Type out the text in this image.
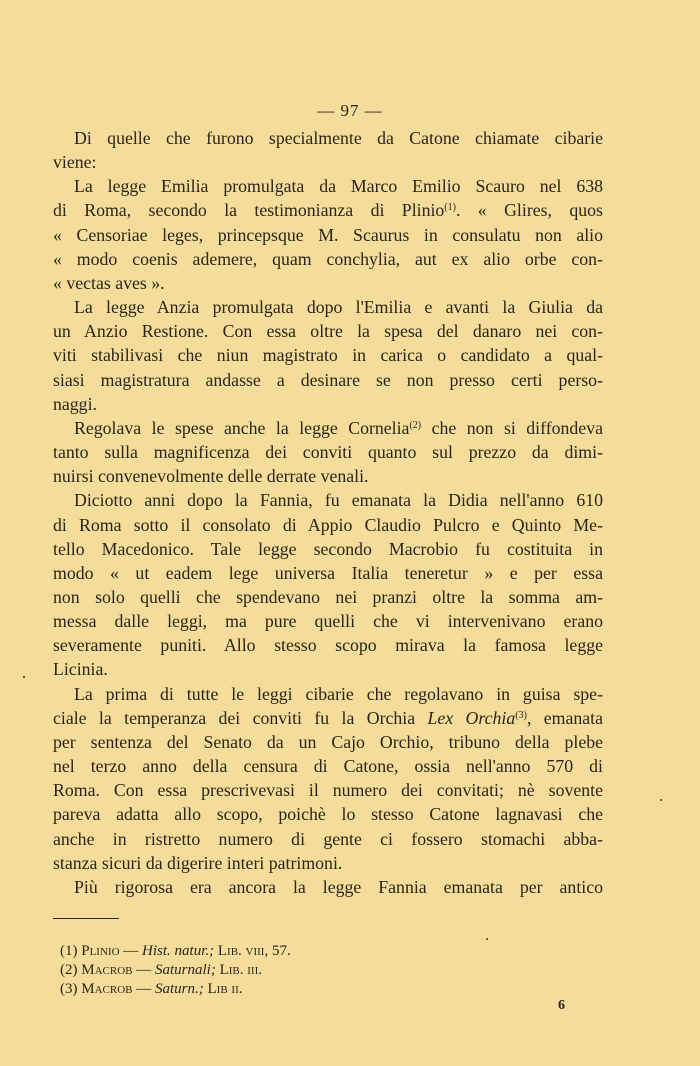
— 97 —
Di quelle che furono specialmente da Catone chiamate cibarie
viene:
La legge Emilia promulgata da Marco Emilio Scauro nel 638
di Roma, secondo la testimonianza di Plinio$^{(1)}$. « Glires, quos
« Censoriae leges, princepsque M. Scaurus in consulatu non alio
« modo coenis ademere, quam conchylia, aut ex alio orbe con-
« vectas aves ».
La legge Anzia promulgata dopo l'Emilia e avanti la Giulia da
un Anzio Restione. Con essa oltre la spesa del danaro nei con-
viti stabilivasi che niun magistrato in carica o candidato a qual-
siasi magistratura andasse a desinare se non presso certi perso-
naggi.
Regolava le spese anche la legge Cornelia$^{(2)}$ che non si diffondeva
tanto sulla magnificenza dei conviti quanto sul prezzo da dimi-
nuirsi convenevolmente delle derrate venali.
Diciotto anni dopo la Fannia, fu emanata la Didia nell'anno 610
di Roma sotto il consolato di Appio Claudio Pulcro e Quinto Me-
tello Macedonico. Tale legge secondo Macrobio fu costituita in
modo « ut eadem lege universa Italia teneretur » e per essa
non solo quelli che spendevano nei pranzi oltre la somma am-
messa dalle leggi, ma pure quelli che vi intervenivano erano
severamente puniti. Allo stesso scopo mirava la famosa legge
Licinia.
La prima di tutte le leggi cibarie che regolavano in guisa spe-
ciale la temperanza dei conviti fu la Orchia Lex Orchia$^{(3)}$, emanata
per sentenza del Senato da un Cajo Orchio, tribuno della plebe
nel terzo anno della censura di Catone, ossia nell'anno 570 di
Roma. Con essa prescrivevasi il numero dei convitati; nè sovente
pareva adatta allo scopo, poichè lo stesso Catone lagnavasi che
anche in ristretto numero di gente ci fossero stomachi abba-
stanza sicuri da digerire interi patrimoni.
Più rigorosa era ancora la legge Fannia emanata per antico
(1) Plinio — Hist. natur.; Lib. viii, 57.
(2) Macrob — Saturnali; Lib. iii.
(3) Macrob — Saturn.; Lib ii.
6
